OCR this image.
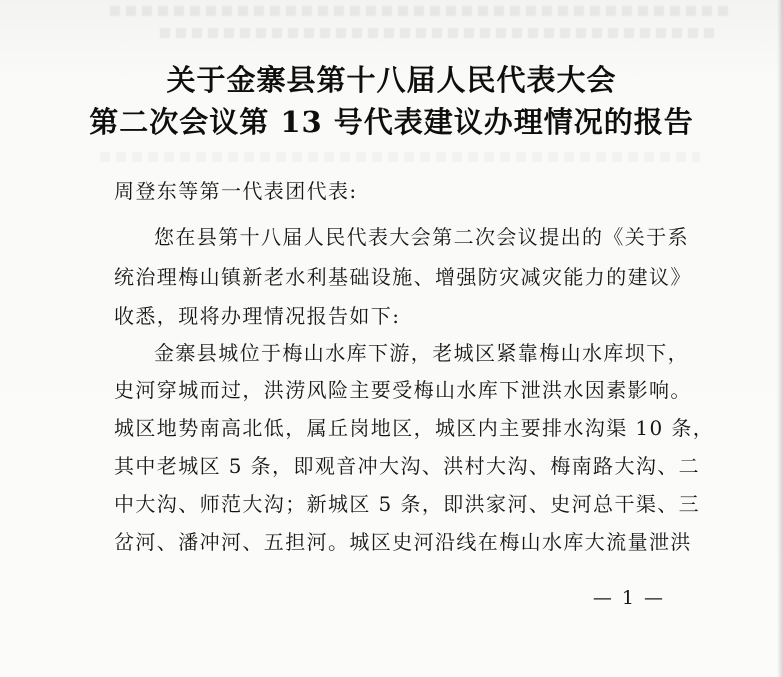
关于金寨县第十八届人民代表大会
第二次会议第 13 号代表建议办理情况的报告
周登东等第一代表团代表:
您在县第十八届人民代表大会第二次会议提出的《关于系
统治理梅山镇新老水利基础设施、增强防灾减灾能力的建议》
收悉，现将办理情况报告如下:
金寨县城位于梅山水库下游，老城区紧靠梅山水库坝下，
史河穿城而过，洪涝风险主要受梅山水库下泄洪水因素影响。
城区地势南高北低，属丘岗地区，城区内主要排水沟渠 10 条，
其中老城区 5 条，即观音冲大沟、洪村大沟、梅南路大沟、二
中大沟、师范大沟；新城区 5 条，即洪家河、史河总干渠、三
岔河、潘冲河、五担河。城区史河沿线在梅山水库大流量泄洪
— 1 —
